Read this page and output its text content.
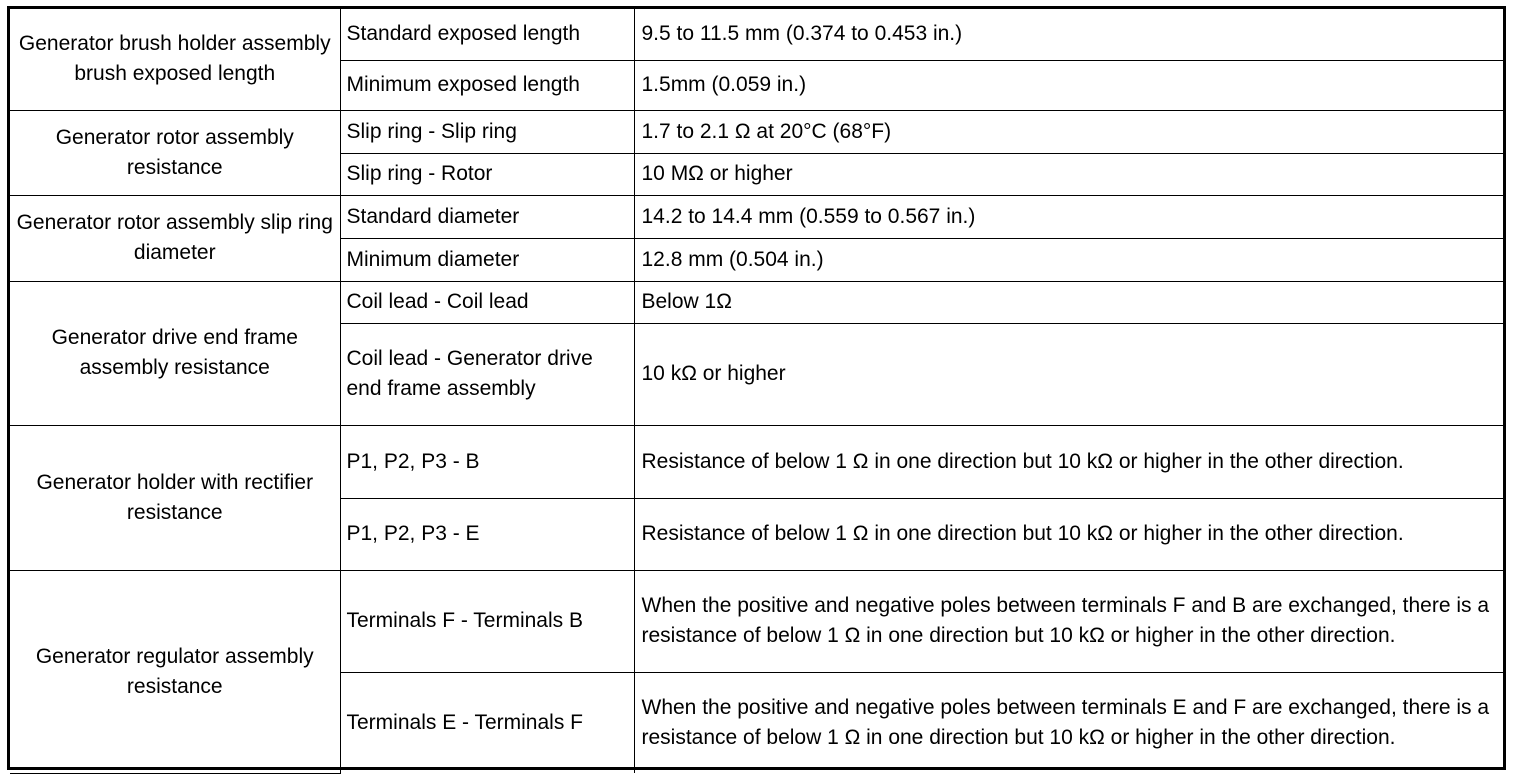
Generator brush holder assembly brush exposed length	Standard exposed length	9.5 to 11.5 mm (0.374 to 0.453 in.)
	Minimum exposed length	1.5mm (0.059 in.)
Generator rotor assembly resistance	Slip ring - Slip ring	1.7 to 2.1 Ω at 20°C (68°F)
	Slip ring - Rotor	10 MΩ or higher
Generator rotor assembly slip ring diameter	Standard diameter	14.2 to 14.4 mm (0.559 to 0.567 in.)
	Minimum diameter	12.8 mm (0.504 in.)
Generator drive end frame assembly resistance	Coil lead - Coil lead	Below 1Ω
	Coil lead - Generator drive end frame assembly	10 kΩ or higher
Generator holder with rectifier resistance	P1, P2, P3 - B	Resistance of below 1 Ω in one direction but 10 kΩ or higher in the other direction.
	P1, P2, P3 - E	Resistance of below 1 Ω in one direction but 10 kΩ or higher in the other direction.
Generator regulator assembly resistance	Terminals F - Terminals B	When the positive and negative poles between terminals F and B are exchanged, there is a resistance of below 1 Ω in one direction but 10 kΩ or higher in the other direction.
	Terminals E - Terminals F	When the positive and negative poles between terminals E and F are exchanged, there is a resistance of below 1 Ω in one direction but 10 kΩ or higher in the other direction.
